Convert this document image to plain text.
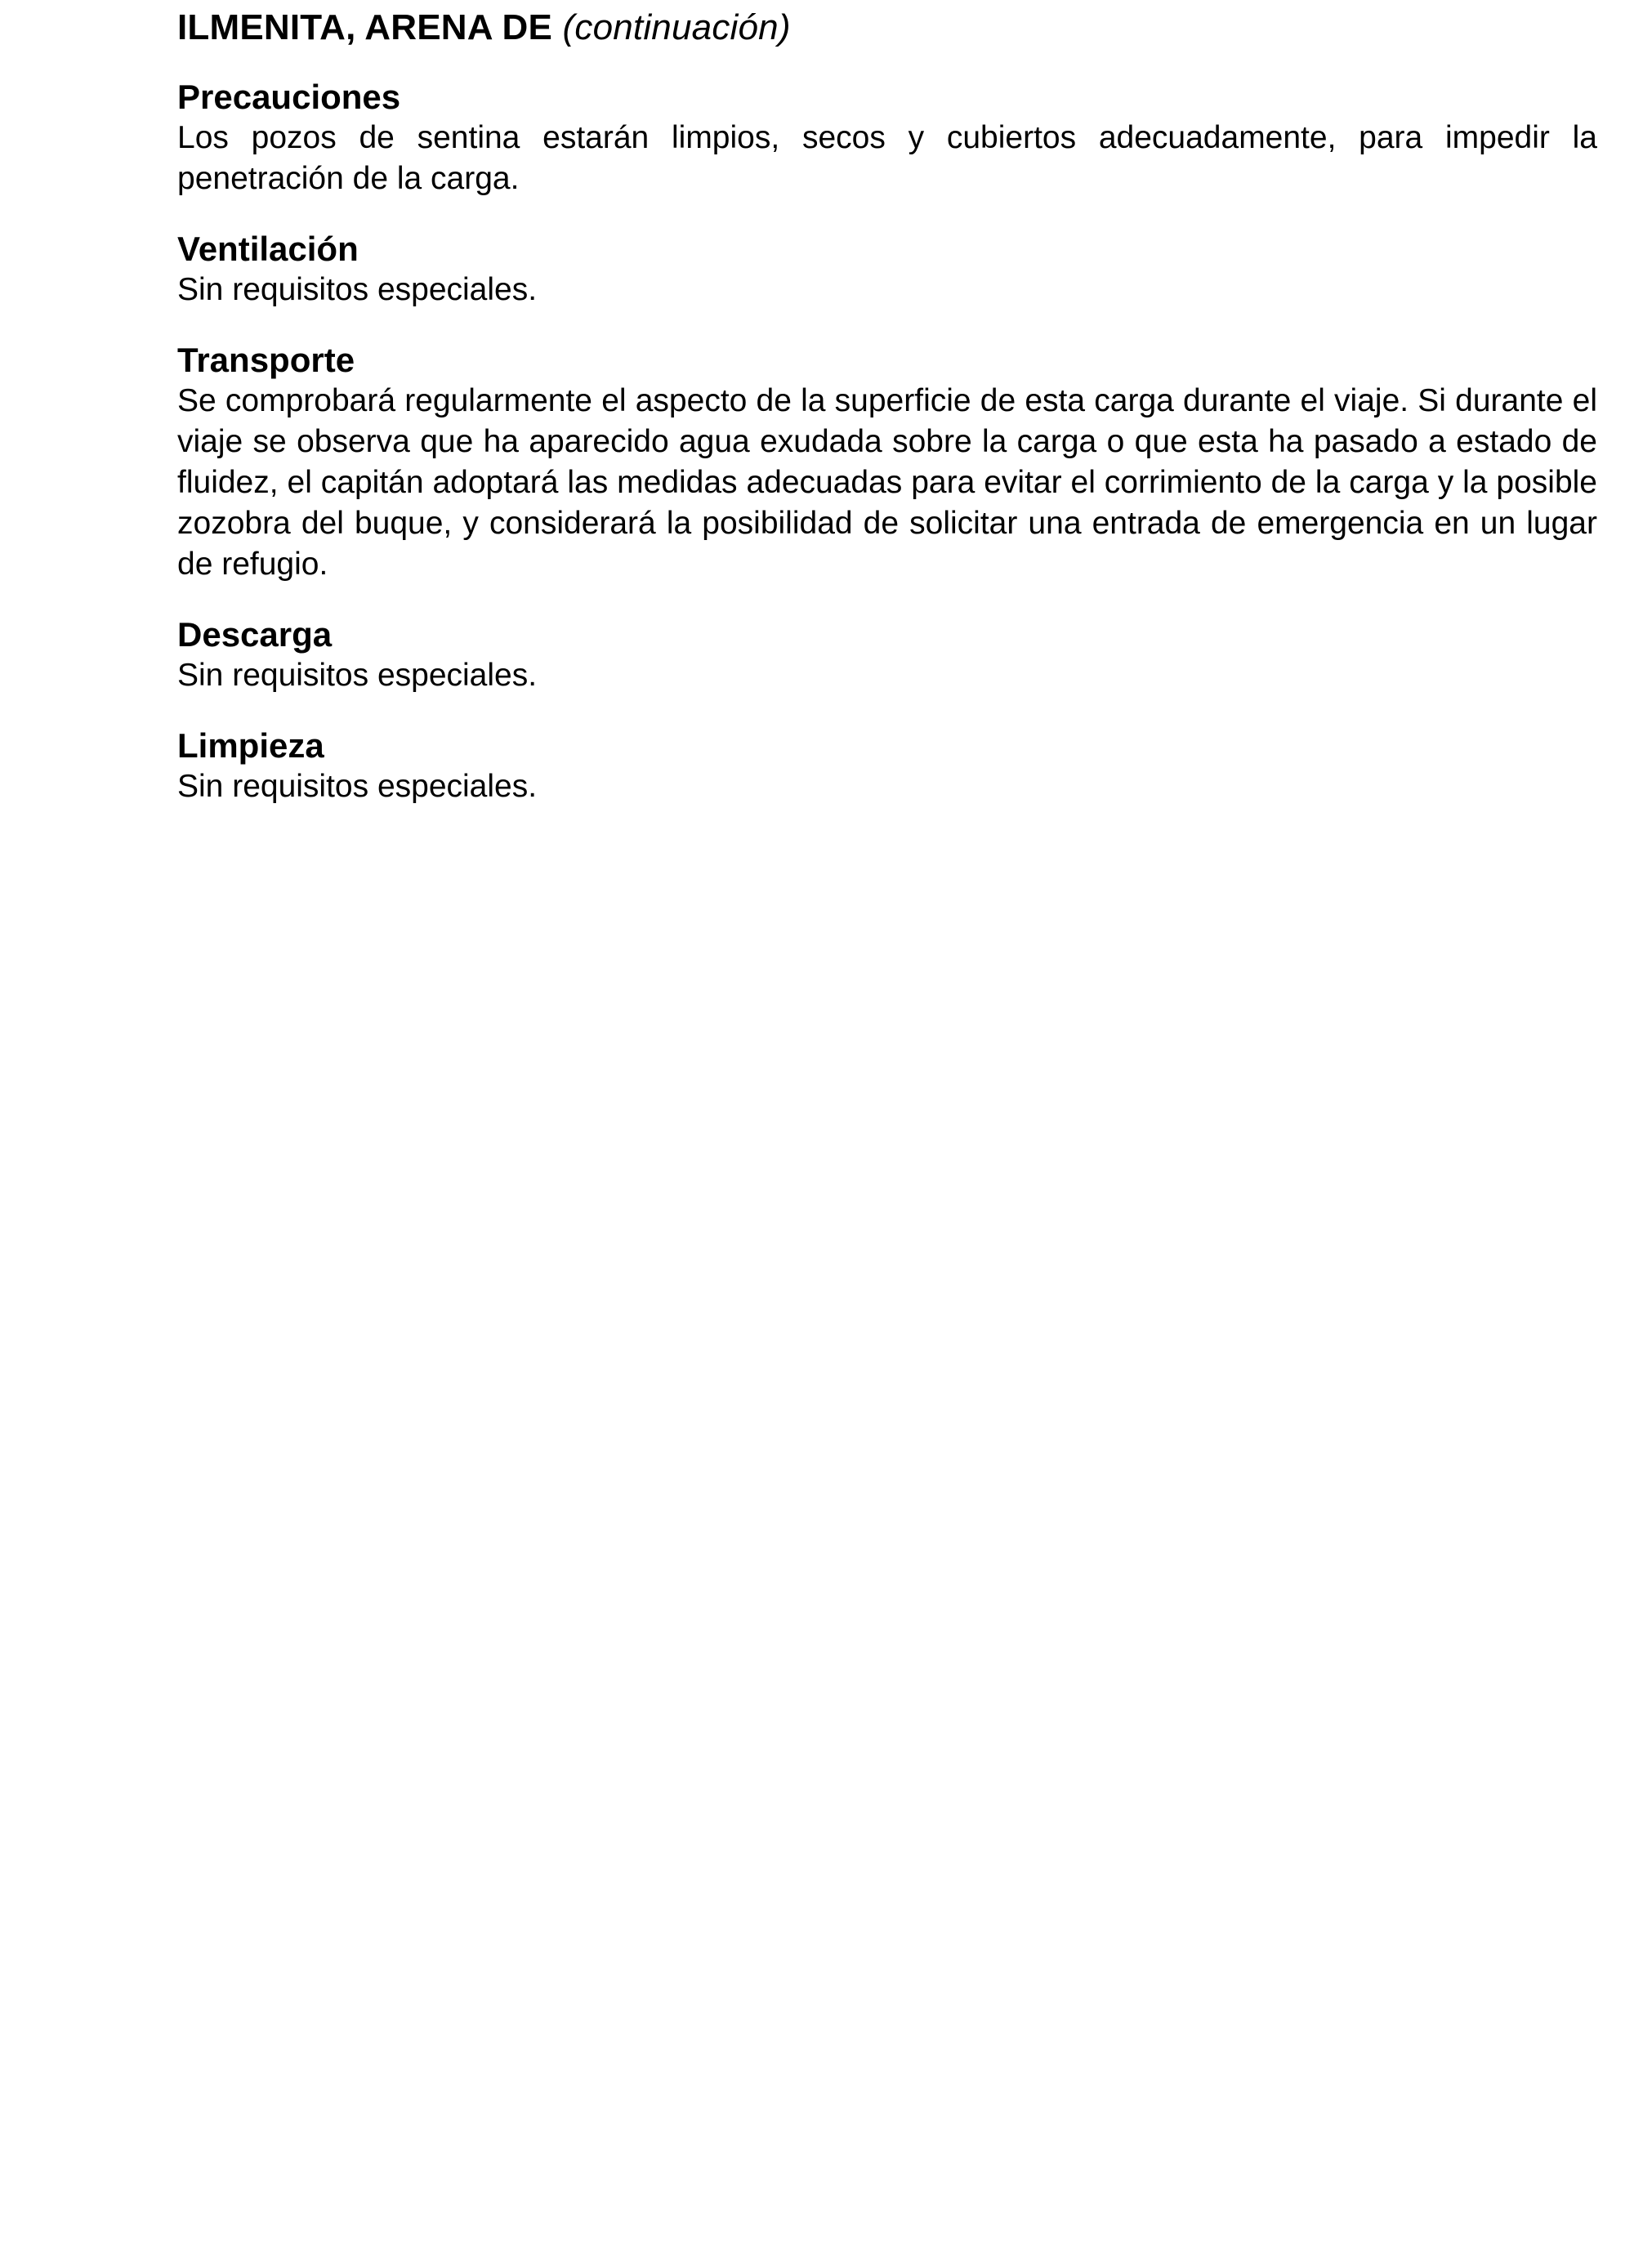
ILMENITA, ARENA DE (continuación)
Precauciones

Los pozos de sentina estarán limpios, secos y cubiertos adecuadamente, para impedir la penetración de la carga.

Ventilación

Sin requisitos especiales.

Transporte

Se comprobará regularmente el aspecto de la superficie de esta carga durante el viaje. Si durante el viaje se observa que ha aparecido agua exudada sobre la carga o que esta ha pasado a estado de fluidez, el capitán adoptará las medidas adecuadas para evitar el corrimiento de la carga y la posible zozobra del buque, y considerará la posibilidad de solicitar una entrada de emergencia en un lugar de refugio.

Descarga

Sin requisitos especiales.

Limpieza

Sin requisitos especiales.
